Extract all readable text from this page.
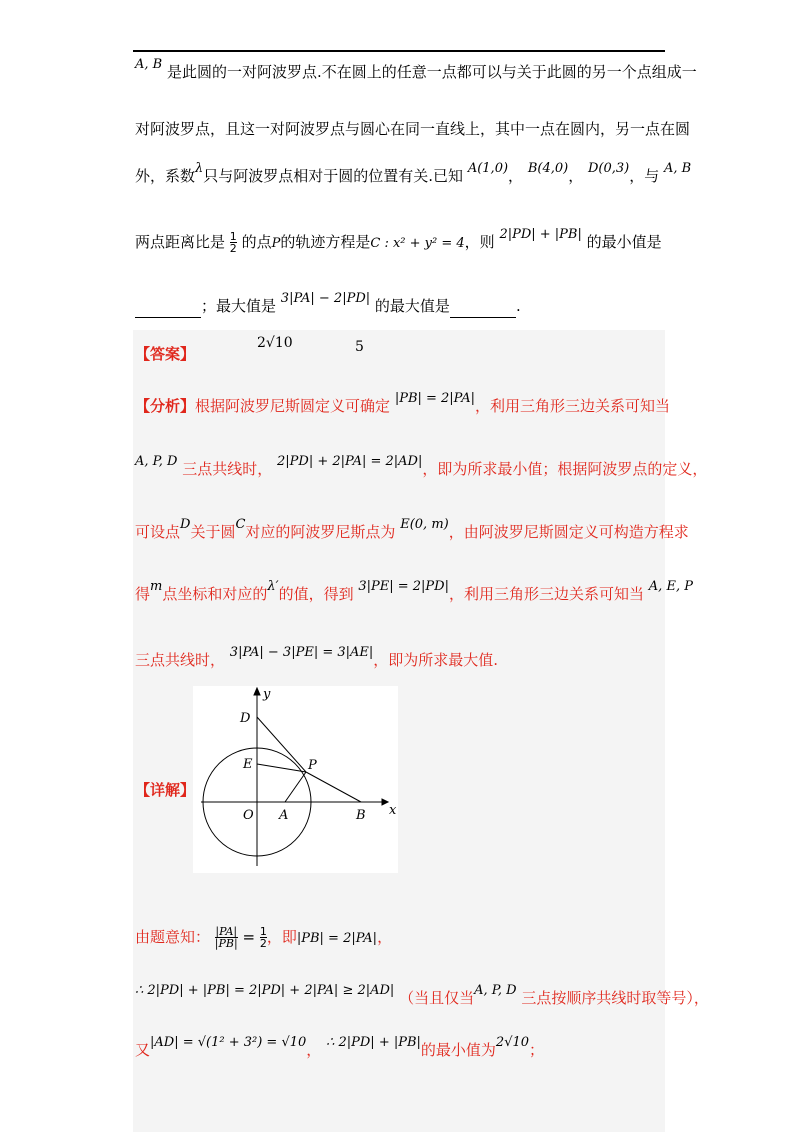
A, B 是此圆的一对阿波罗点.不在圆上的任意一点都可以与关于此圆的另一个点组成一
对阿波罗点，且这一对阿波罗点与圆心在同一直线上，其中一点在圆内，另一点在圆
外，系数λ只与阿波罗点相对于圆的位置有关.已知 A(1,0)， B(4,0)， D(0,3)，与 A, B
两点距离比是 $\frac{1}{2}$ 的点P的轨迹方程是C : x² + y² = 4，则 2|PD| + |PB| 的最小值是
；最大值是 3|PA| − 2|PD| 的最大值是	.
【答案】
2√10	5
【分析】根据阿波罗尼斯圆定义可确定 |PB| = 2|PA|，利用三角形三边关系可知当
A, P, D 三点共线时， 2|PD| + 2|PA| = 2|AD|，即为所求最小值；根据阿波罗点的定义，
可设点D关于圆C对应的阿波罗尼斯点为 E(0, m)，由阿波罗尼斯圆定义可构造方程求
得m点坐标和对应的λ′的值，得到 3|PE| = 2|PD|，利用三角形三边关系可知当 A, E, P
三点共线时， 3|PA| − 3|PE| = 3|AE|，即为所求最大值.
【详解】
y
x
D
E	P
O A	B
由题意知： $\frac{|PA|}{|PB|} = \frac{1}{2}$ ，即|PB| = 2|PA|，
∴ 2|PD| + |PB| = 2|PD| + 2|PA| ≥ 2|AD| （当且仅当A, P, D 三点按顺序共线时取等号），
又|AD| = √(1² + 3²) = √10， ∴ 2|PD| + |PB|的最小值为2√10；
